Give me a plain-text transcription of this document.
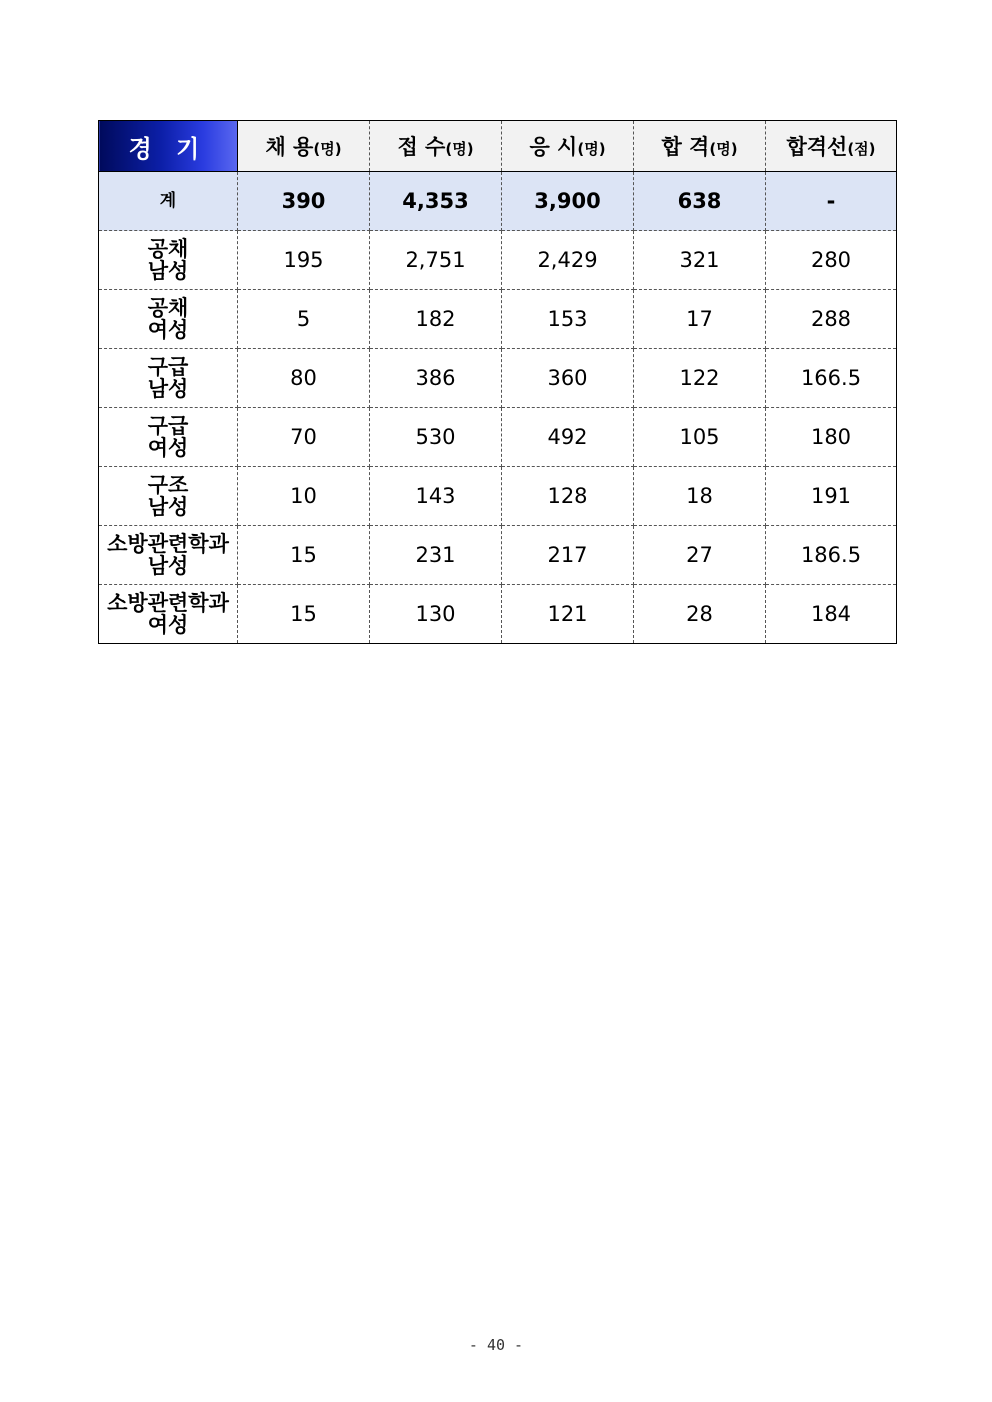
경 기	채 용(명)	접 수(명)	응 시(명)	합 격(명)	합격선(점)
계	390	4,353	3,900	638	-

공채
남성	195	2,751	2,429	321	280

공채
여성	5	182	153	17	288

구급
남성	80	386	360	122	166.5

구급
여성	70	530	492	105	180

구조
남성	10	143	128	18	191

소방관련학과
남성	15	231	217	27	186.5

소방관련학과
여성	15	130	121	28	184
- 40 -
